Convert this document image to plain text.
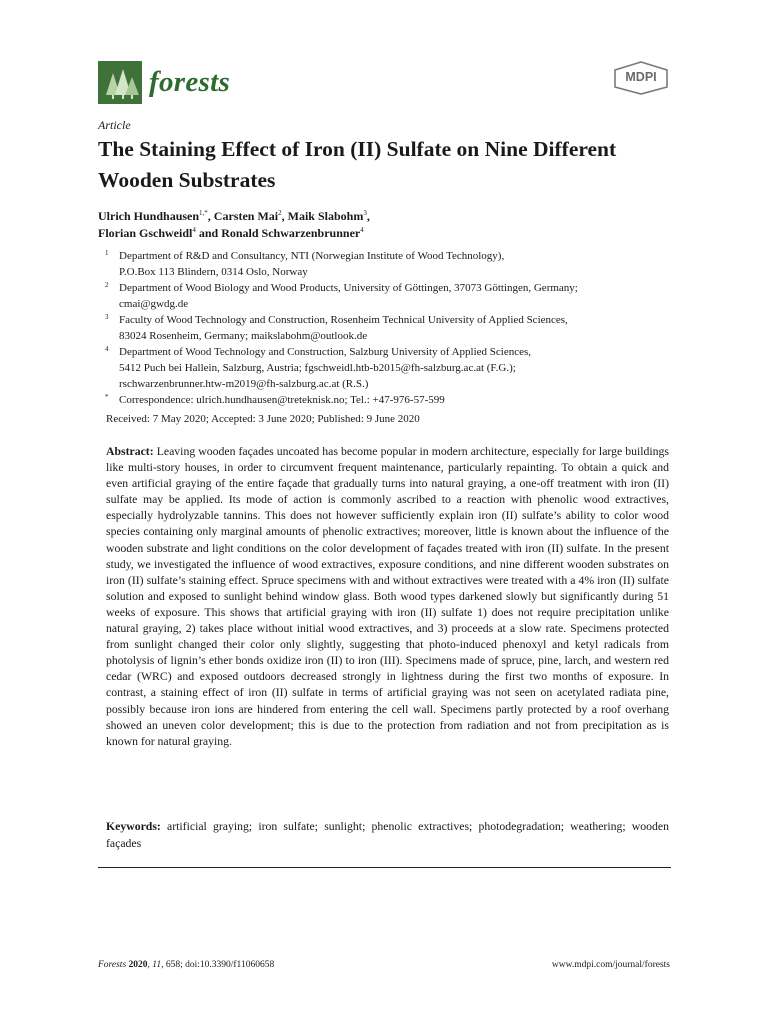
forests	MDPI
Article
The Staining Effect of Iron (II) Sulfate on Nine Different Wooden Substrates
Ulrich Hundhausen$^{1,*}$, Carsten Mai$^2$, Maik Slabohm$^3$,
Florian Gschweidl$^4$ and Ronald Schwarzenbrunner$^4$
1 Department of R&D and Consultancy, NTI (Norwegian Institute of Wood Technology),
P.O.Box 113 Blindern, 0314 Oslo, Norway
2 Department of Wood Biology and Wood Products, University of Göttingen, 37073 Göttingen, Germany;
cmai@gwdg.de
3 Faculty of Wood Technology and Construction, Rosenheim Technical University of Applied Sciences,
83024 Rosenheim, Germany; maikslabohm@outlook.de
4 Department of Wood Technology and Construction, Salzburg University of Applied Sciences,
5412 Puch bei Hallein, Salzburg, Austria; fgschweidl.htb-b2015@fh-salzburg.ac.at (F.G.);
rschwarzenbrunner.htw-m2019@fh-salzburg.ac.at (R.S.)
* Correspondence: ulrich.hundhausen@treteknisk.no; Tel.: +47-976-57-599
Received: 7 May 2020; Accepted: 3 June 2020; Published: 9 June 2020

Abstract: Leaving wooden façades uncoated has become popular in modern architecture, especially for large buildings like multi-story houses, in order to circumvent frequent maintenance, particularly repainting. To obtain a quick and even artificial graying of the entire façade that gradually turns into natural graying, a one-off treatment with iron (II) sulfate may be applied. Its mode of action is commonly ascribed to a reaction with phenolic wood extractives, especially hydrolyzable tannins. This does not however sufficiently explain iron (II) sulfate’s ability to color wood species containing only marginal amounts of phenolic extractives; moreover, little is known about the influence of the wooden substrate and light conditions on the color development of façades treated with iron (II) sulfate. In the present study, we investigated the influence of wood extractives, exposure conditions, and nine different wooden substrates on iron (II) sulfate’s staining effect. Spruce specimens with and without extractives were treated with a 4% iron (II) sulfate solution and exposed to sunlight behind window glass. Both wood types darkened slowly but significantly during 51 weeks of exposure. This shows that artificial graying with iron (II) sulfate 1) does not require precipitation unlike natural graying, 2) takes place without initial wood extractives, and 3) proceeds at a slow rate. Specimens protected from sunlight changed their color only slightly, suggesting that photo-induced phenoxyl and ketyl radicals from photolysis of lignin’s ether bonds oxidize iron (II) to iron (III). Specimens made of spruce, pine, larch, and western red cedar (WRC) and exposed outdoors decreased strongly in lightness during the first two months of exposure. In contrast, a staining effect of iron (II) sulfate in terms of artificial graying was not seen on acetylated radiata pine, possibly because iron ions are hindered from entering the cell wall. Specimens partly protected by a roof overhang showed an uneven color development; this is due to the protection from radiation and not from precipitation as is known for natural graying.

Keywords: artificial graying; iron sulfate; sunlight; phenolic extractives; photodegradation; weathering; wooden façades

Forests 2020, 11, 658; doi:10.3390/f11060658	www.mdpi.com/journal/forests
